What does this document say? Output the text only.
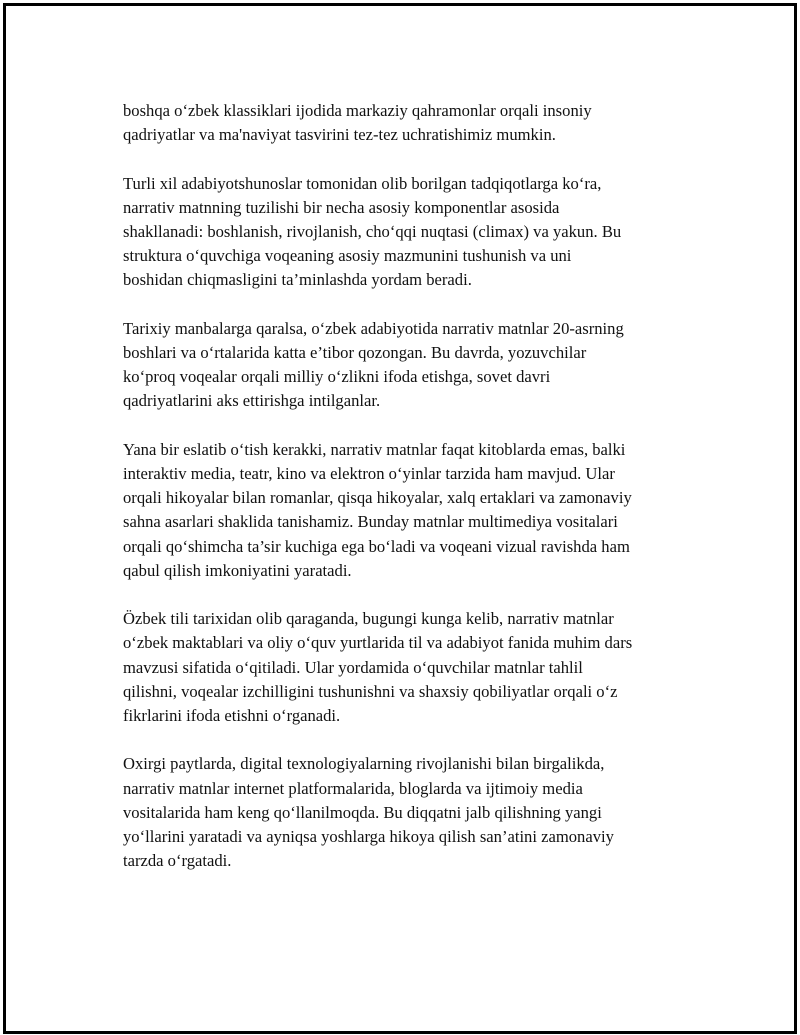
boshqa o‘zbek klassiklari ijodida markaziy qahramonlar orqali insoniy
qadriyatlar va ma'naviyat tasvirini tez-tez uchratishimiz mumkin.

Turli xil adabiyotshunoslar tomonidan olib borilgan tadqiqotlarga ko‘ra,
narrativ matnning tuzilishi bir necha asosiy komponentlar asosida
shakllanadi: boshlanish, rivojlanish, cho‘qqi nuqtasi (climax) va yakun. Bu
struktura o‘quvchiga voqeaning asosiy mazmunini tushunish va uni
boshidan chiqmasligini ta’minlashda yordam beradi.

Tarixiy manbalarga qaralsa, o‘zbek adabiyotida narrativ matnlar 20-asrning
boshlari va o‘rtalarida katta e’tibor qozongan. Bu davrda, yozuvchilar
ko‘proq voqealar orqali milliy o‘zlikni ifoda etishga, sovet davri
qadriyatlarini aks ettirishga intilganlar.

Yana bir eslatib o‘tish kerakki, narrativ matnlar faqat kitoblarda emas, balki
interaktiv media, teatr, kino va elektron o‘yinlar tarzida ham mavjud. Ular
orqali hikoyalar bilan romanlar, qisqa hikoyalar, xalq ertaklari va zamonaviy
sahna asarlari shaklida tanishamiz. Bunday matnlar multimediya vositalari
orqali qo‘shimcha ta’sir kuchiga ega bo‘ladi va voqeani vizual ravishda ham
qabul qilish imkoniyatini yaratadi.

Özbek tili tarixidan olib qaraganda, bugungi kunga kelib, narrativ matnlar
o‘zbek maktablari va oliy o‘quv yurtlarida til va adabiyot fanida muhim dars
mavzusi sifatida o‘qitiladi. Ular yordamida o‘quvchilar matnlar tahlil
qilishni, voqealar izchilligini tushunishni va shaxsiy qobiliyatlar orqali o‘z
fikrlarini ifoda etishni o‘rganadi.

Oxirgi paytlarda, digital texnologiyalarning rivojlanishi bilan birgalikda,
narrativ matnlar internet platformalarida, bloglarda va ijtimoiy media
vositalarida ham keng qo‘llanilmoqda. Bu diqqatni jalb qilishning yangi
yo‘llarini yaratadi va ayniqsa yoshlarga hikoya qilish san’atini zamonaviy
tarzda o‘rgatadi.
